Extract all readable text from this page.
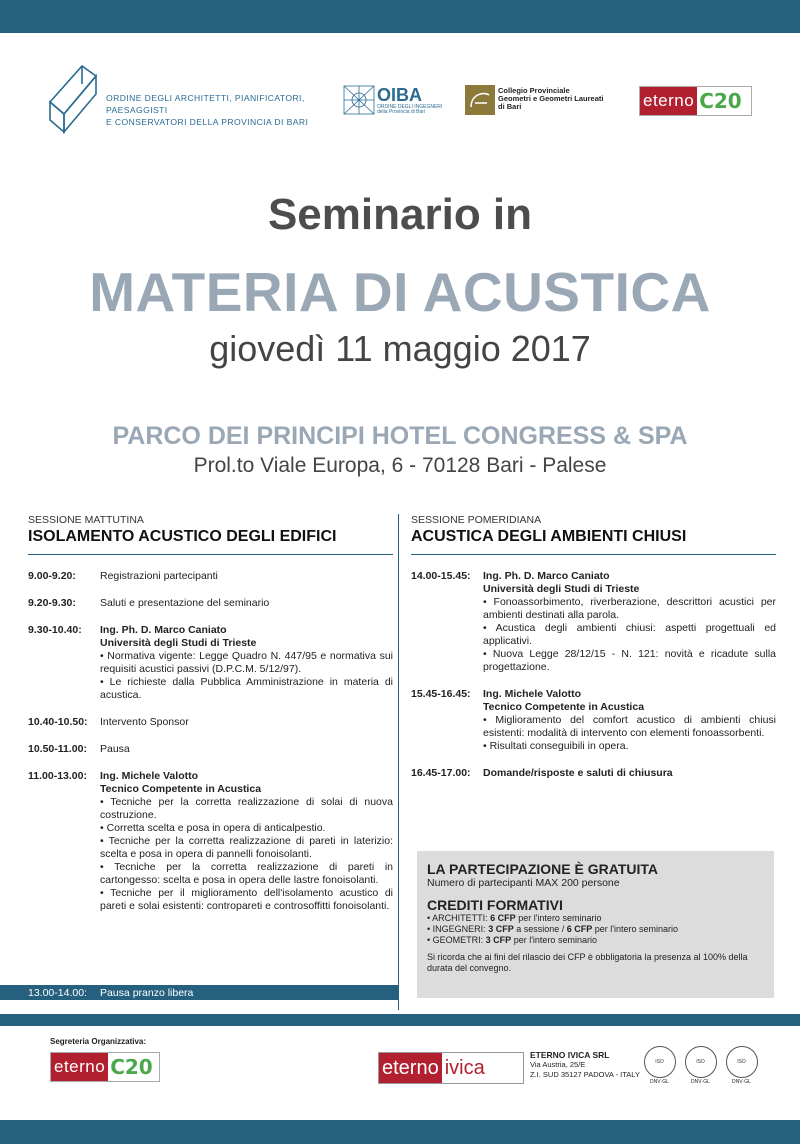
ORDINE DEGLI ARCHITETTI, PIANIFICATORI, PAESAGGISTI
E CONSERVATORI DELLA PROVINCIA DI BARI
OIBA
ORDINE DEGLI INGEGNERI della Provincia di Bari
Collegio Provinciale
Geometri e Geometri Laureati
di Bari	eterno C20
Seminario in
MATERIA DI ACUSTICA
giovedì 11 maggio 2017
PARCO DEI PRINCIPI HOTEL CONGRESS & SPA
Prol.to Viale Europa, 6 - 70128 Bari - Palese
SESSIONE MATTUTINA
ISOLAMENTO ACUSTICO DEGLI EDIFICI
9.00-9.20:	Registrazioni partecipanti
9.20-9.30:	Saluti e presentazione del seminario
9.30-10.40:	Ing. Ph. D. Marco Caniato
Università degli Studi di Trieste
• Normativa vigente: Legge Quadro N. 447/95 e normativa sui requisiti acustici passivi (D.P.C.M. 5/12/97).
• Le richieste dalla Pubblica Amministrazione in materia di acustica.
10.40-10.50:	Intervento Sponsor
10.50-11.00:	Pausa
11.00-13.00:	Ing. Michele Valotto
Tecnico Competente in Acustica
• Tecniche per la corretta realizzazione di solai di nuova costruzione.
• Corretta scelta e posa in opera di anticalpestio.
• Tecniche per la corretta realizzazione di pareti in laterizio: scelta e posa in opera di pannelli fonoisolanti.
• Tecniche per la corretta realizzazione di pareti in cartongesso: scelta e posa in opera delle lastre fonoisolanti.
• Tecniche per il miglioramento dell'isolamento acustico di pareti e solai esistenti: contropareti e controsoffitti fonoisolanti.
13.00-14.00:	Pausa pranzo libera
SESSIONE POMERIDIANA
ACUSTICA DEGLI AMBIENTI CHIUSI
14.00-15.45:	Ing. Ph. D. Marco Caniato
Università degli Studi di Trieste
• Fonoassorbimento, riverberazione, descrittori acustici per ambienti destinati alla parola.
• Acustica degli ambienti chiusi: aspetti progettuali ed applicativi.
• Nuova Legge 28/12/15 - N. 121: novità e ricadute sulla progettazione.
15.45-16.45:	Ing. Michele Valotto
Tecnico Competente in Acustica
• Miglioramento del comfort acustico di ambienti chiusi esistenti: modalità di intervento con elementi fonoassorbenti.
• Risultati conseguibili in opera.
16.45-17.00:	Domande/risposte e saluti di chiusura
LA PARTECIPAZIONE È GRATUITA
Numero di partecipanti MAX 200 persone
CREDITI FORMATIVI
• ARCHITETTI: 6 CFP per l'intero seminario
• INGEGNERI: 3 CFP a sessione / 6 CFP per l'intero seminario
• GEOMETRI: 3 CFP per l'intero seminario
Si ricorda che ai fini del rilascio dei CFP è obbligatoria la presenza al 100% della durata del convegno.
Segreteria Organizzativa:
eterno C20	eterno ivica
ETERNO IVICA SRL
Via Austria, 25/E
Z.I. SUD 35127 PADOVA - ITALY
ISO
DNV·GL
ISO
DNV·GL
ISO
DNV·GL
